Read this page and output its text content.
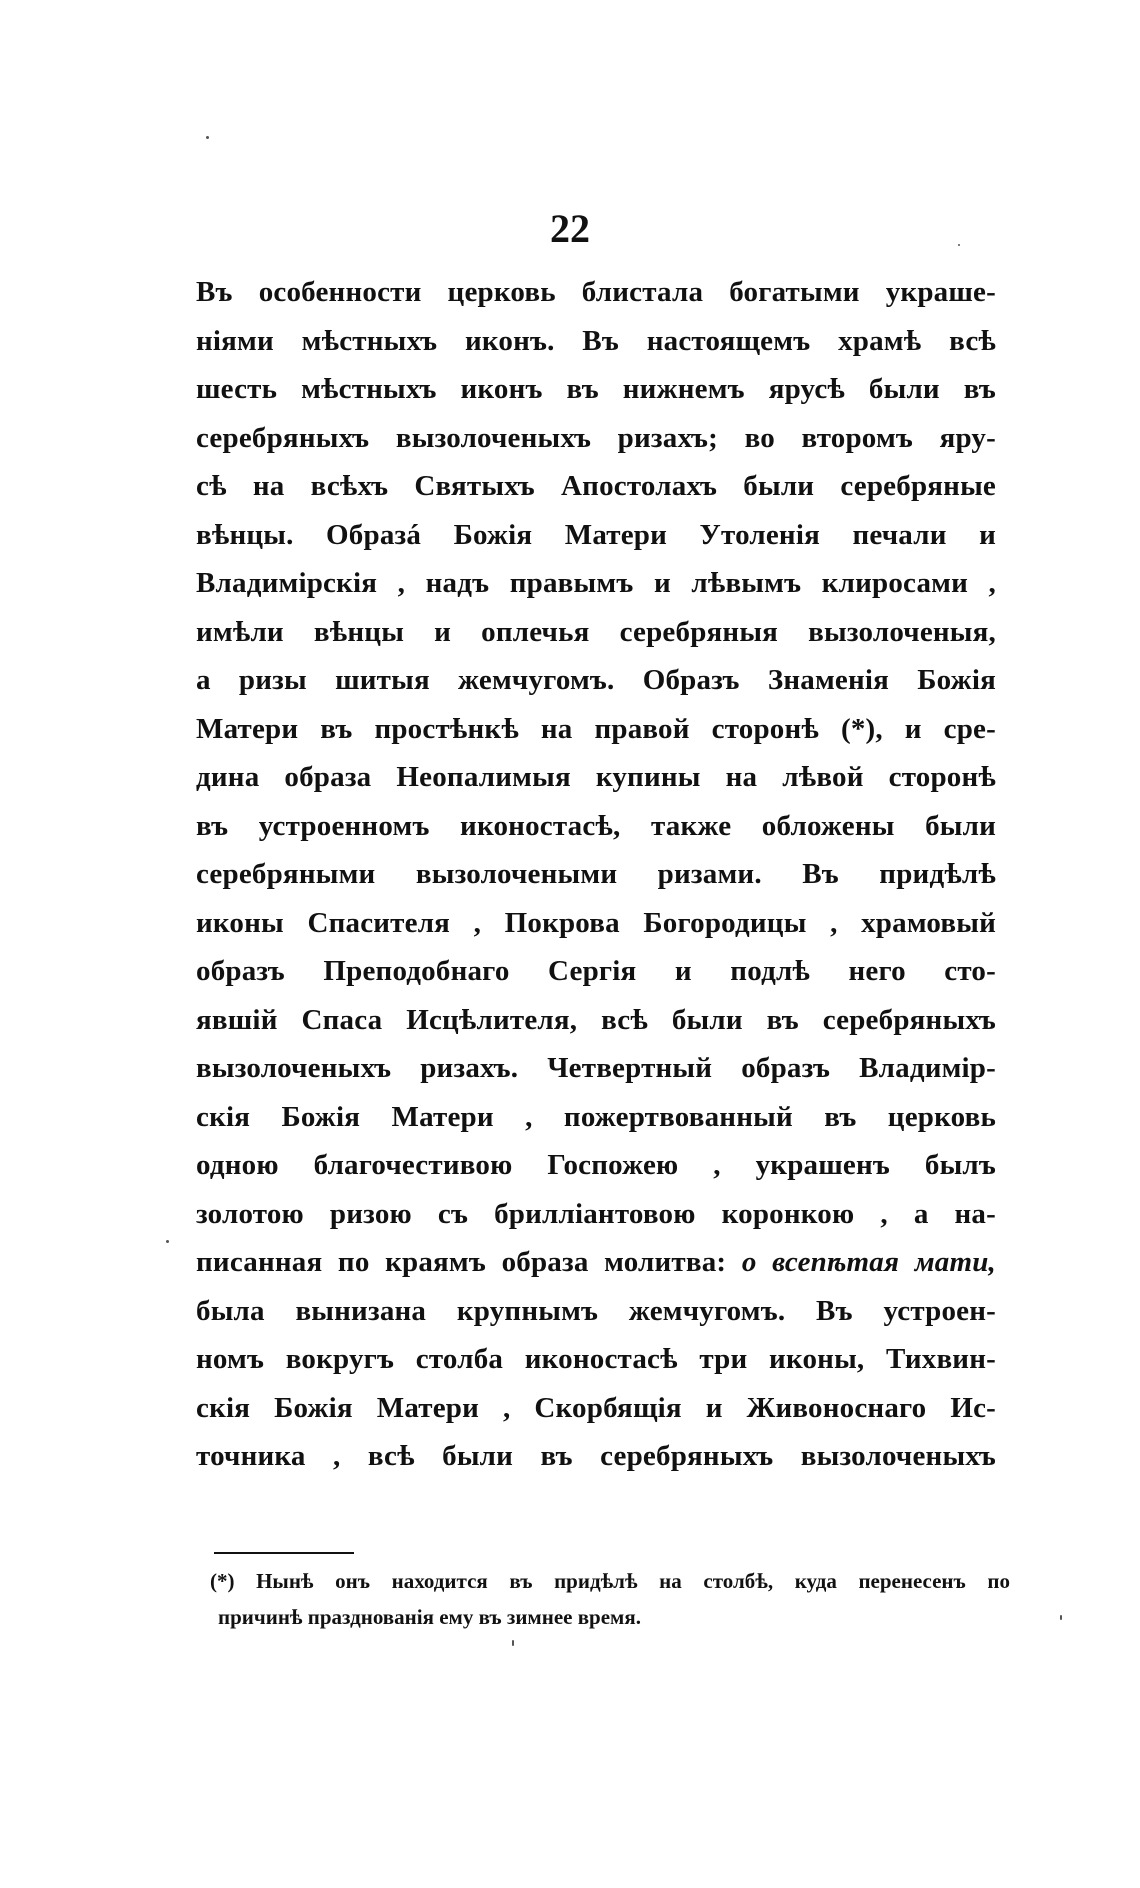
22
Въ особенности церковь блистала богатыми украше-
ніями мѣстныхъ иконъ. Въ настоящемъ храмѣ всѣ
шесть мѣстныхъ иконъ въ нижнемъ ярусѣ были въ
серебряныхъ вызолоченыхъ ризахъ; во второмъ яру-
сѣ на всѣхъ Святыхъ Апостолахъ были серебряные
вѣнцы. Образá Божія Матери Утоленія печали и
Владимірскія , надъ правымъ и лѣвымъ клиросами ,
имѣли вѣнцы и оплечья серебряныя вызолоченыя,
а ризы шитыя жемчугомъ. Образъ Знаменія Божія
Матери въ простѣнкѣ на правой сторонѣ (*), и сре-
дина образа Неопалимыя купины на лѣвой сторонѣ
въ устроенномъ иконостасѣ, также обложены были
серебряными вызолочеными ризами. Въ придѣлѣ
иконы Спасителя , Покрова Богородицы , храмовый
образъ Преподобнаго Сергія и подлѣ него сто-
явшій Спаса Исцѣлителя, всѣ были въ серебряныхъ
вызолоченыхъ ризахъ. Четвертный образъ Владимір-
скія Божія Матери , пожертвованный въ церковь
одною благочестивою Госпожею , украшенъ былъ
золотою ризою съ брилліантовою коронкою , а на-
писанная по краямъ образа молитва: о всепѣтая мати,
была вынизана крупнымъ жемчугомъ. Въ устроен-
номъ вокругъ столба иконостасѣ три иконы, Тихвин-
скія Божія Матери , Скорбящія и Живоноснаго Ис-
точника , всѣ были въ серебряныхъ вызолоченыхъ
(*) Нынѣ онъ находится въ придѣлѣ на столбѣ, куда перенесенъ по
причинѣ празднованія ему въ зимнее время.
